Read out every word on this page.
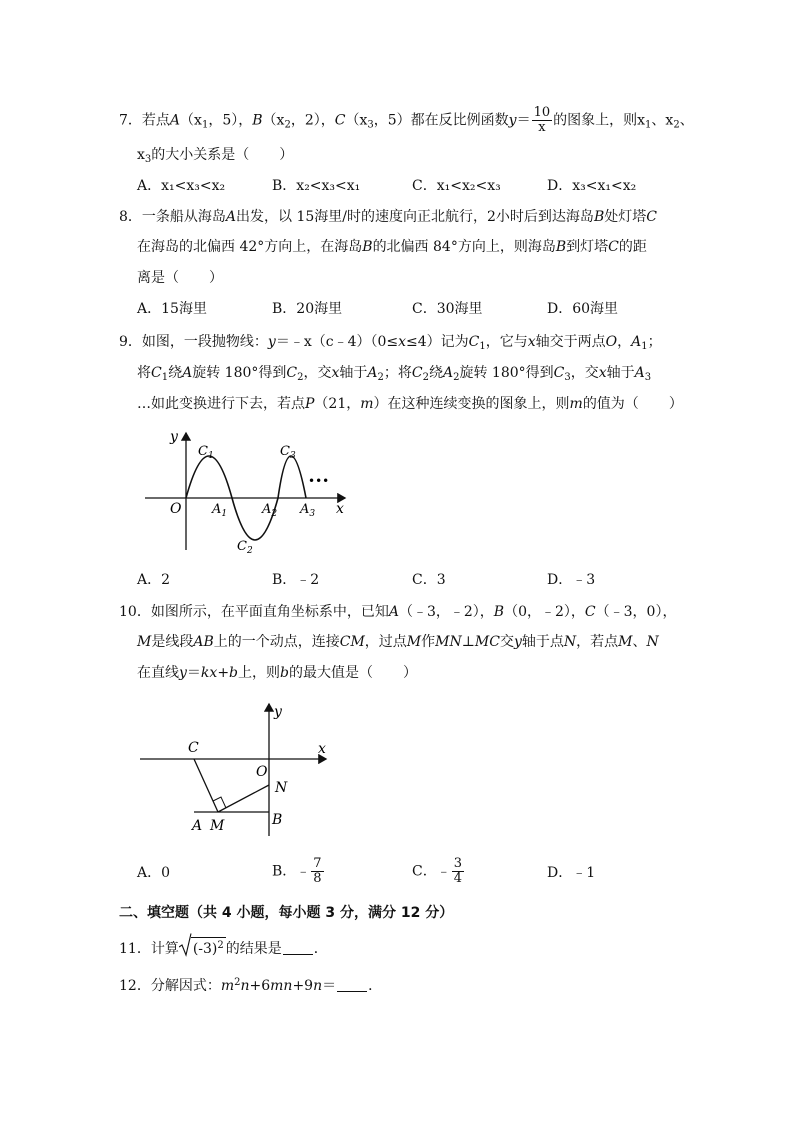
7．若点$A(x_1$，5），$B(x_2$，2），$C(x_3$，5）都在反比例函数$y= \frac{10}{x}$ 的图象上，则$x_1$、$x_2$、
$x_3$的大小关系是（ ）
A．x₁<x₃<x₂	B．x₂<x₃<x₁	C．x₁<x₂<x₃	D．x₃<x₁<x₂
8．一条船从海岛A出发，以 15海里/时的速度向正北航行，2小时后到达海岛B处灯塔C
在海岛的北偏西 42°方向上，在海岛B的北偏西 84°方向上，则海岛B到灯塔C的距
离是（ ）
A．15海里	B．20海里	C．30海里	D．60海里
9．如图，一段抛物线：y＝﹣x（c﹣4）（0≤x≤4）记为$C_1$，它与x轴交于两点O，$A_1$；
将$C_1$绕A旋转 180°得到$C_2$，交x轴于$A_2$；将$C_2$绕$A_2$旋转 180°得到$C_3$，交x轴于$A_3$
…如此变换进行下去，若点P（21，m）在这种连续变换的图象上，则m的值为（ ）
y
x
O $A_1$	$A_2$ $A_3$
$C_1$
$C_2$
$C_3$
•••
A．2	B．﹣2	C．3	D．﹣3
10．如图所示，在平面直角坐标系中，已知A（﹣3，﹣2），B（0，﹣2），C（﹣3，0），
M是线段AB上的一个动点，连接CM，过点M作MN⊥MC交y轴于点N，若点M、N
在直线y＝kx+b上，则b的最大值是（ ）
y
x
C
O
N
A M	B
A．0	B．﹣ $\frac{7}{8}$	C．﹣ $\frac{3}{4}$	D．﹣1
二、填空题（共 4 小题，每小题 3 分，满分 12 分）
11．计算 $(-3)^2$ 的结果是 ．
12．分解因式：$m^2n+6mn+9n=$ ．
